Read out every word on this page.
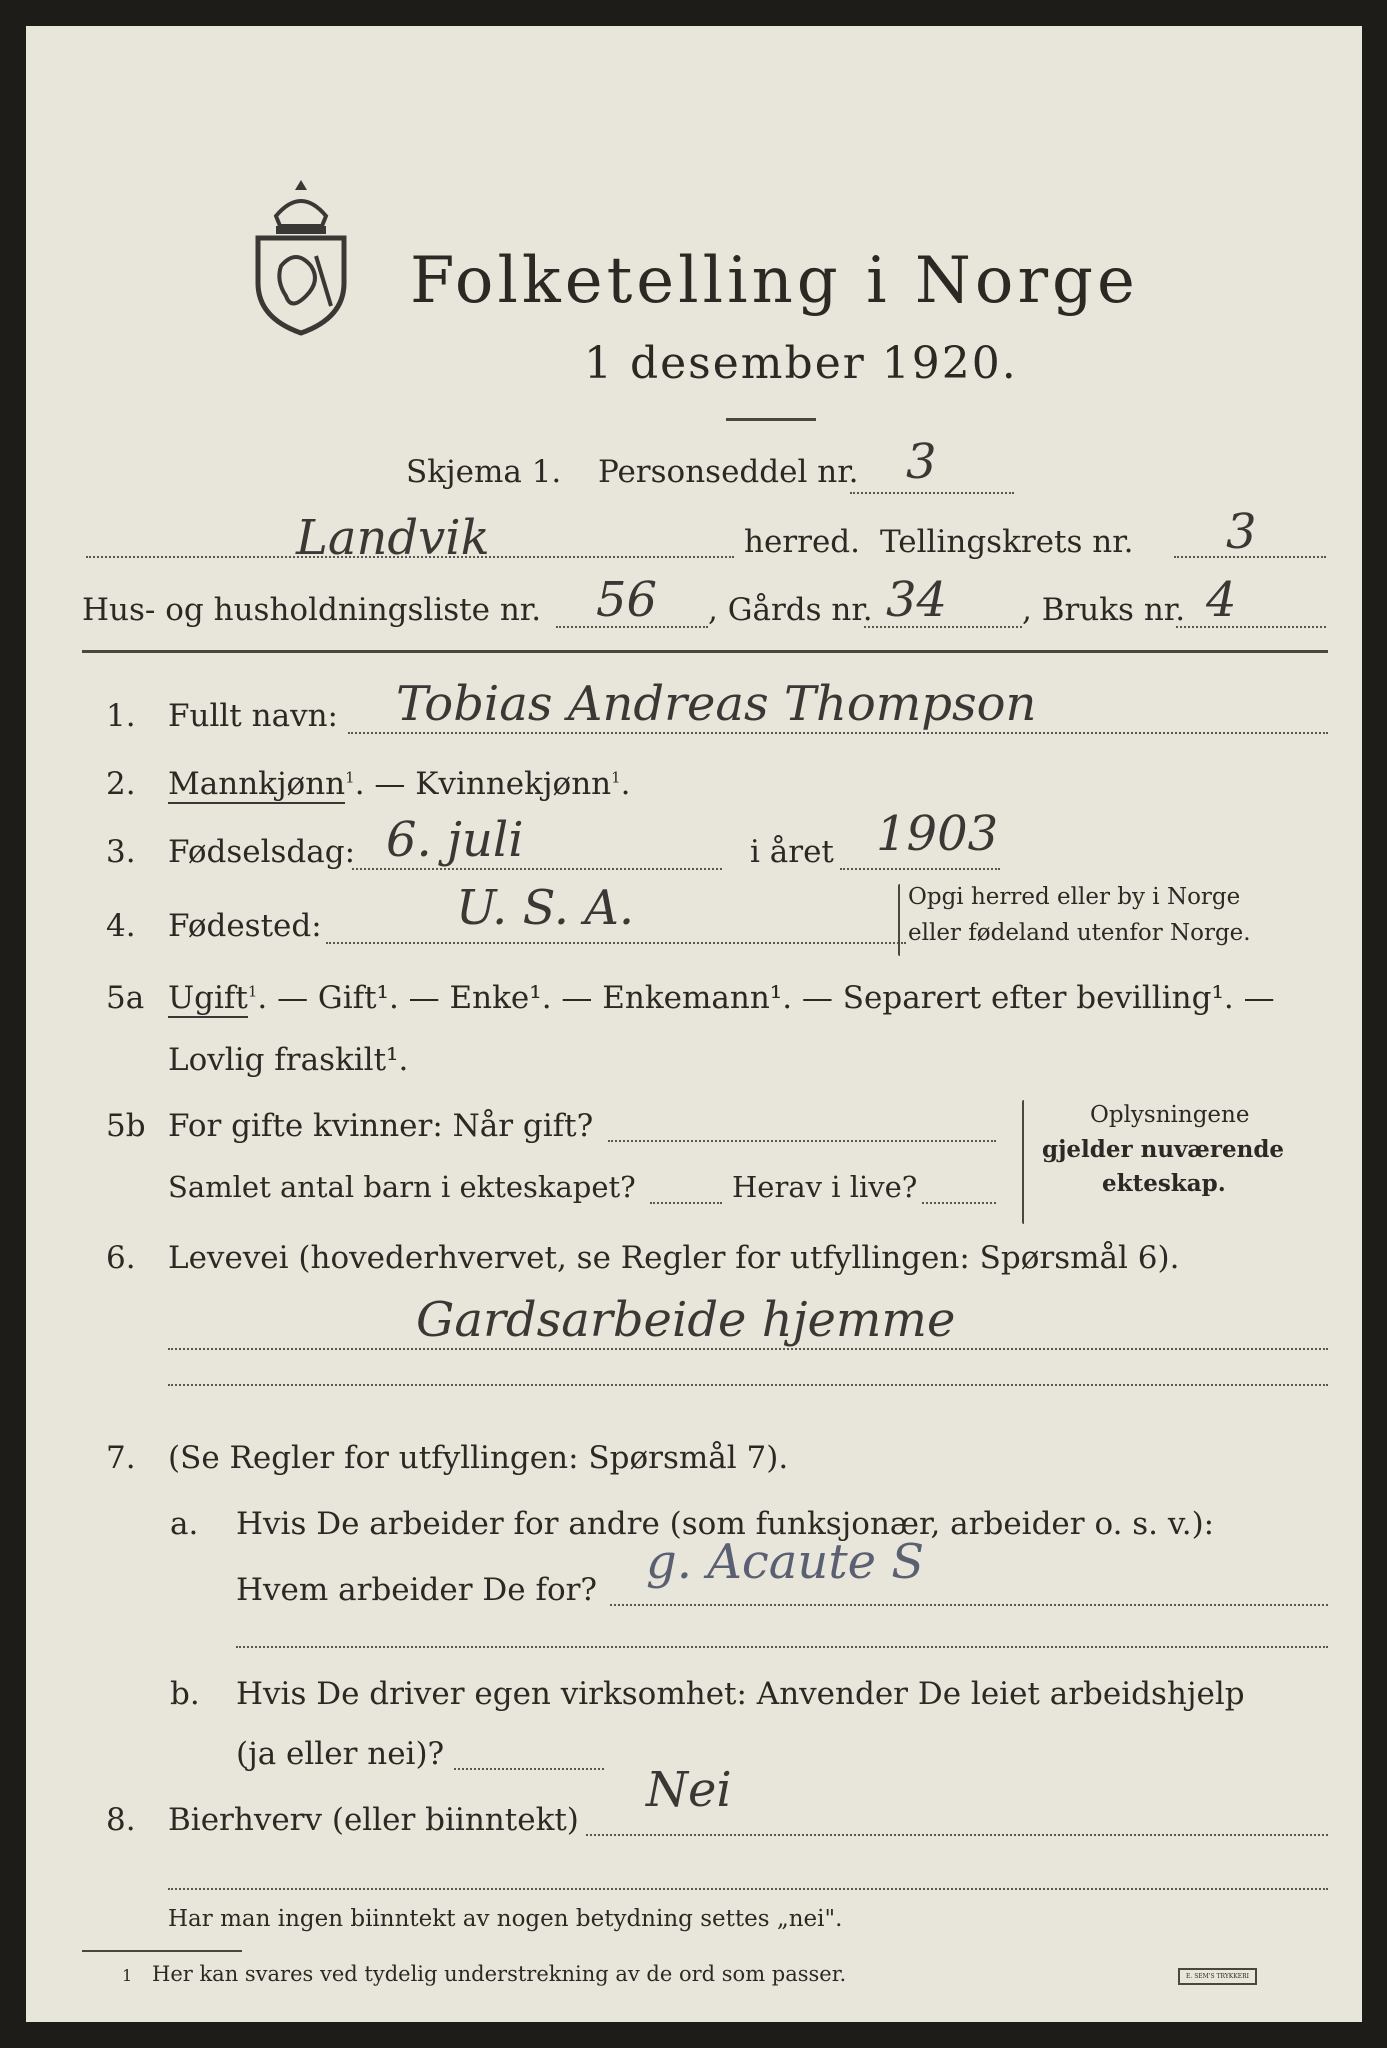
Folketelling i Norge
1 desember 1920.
Skjema 1. Personseddel nr. 3
Landvik	herred. Tellingskrets nr. 3
Hus- og husholdningsliste nr. 56 , Gårds nr. 34 , Bruks nr. 4
1. Fullt navn: Tobias Andreas Thompson
2. Mannkjønn$^1$. — Kvinnekjønn$^1$.
3. Fødselsdag: 6. juli	i året 1903
4. Fødested:	U. S. A.	Opgi herred eller by i Norge
eller fødeland utenfor Norge.
5a Ugift$^1$. — Gift¹. — Enke¹. — Enkemann¹. — Separert efter bevilling¹. —
Lovlig fraskilt¹.
5b For gifte kvinner: Når gift?
Samlet antal barn i ekteskapet?	Herav i live?
Oplysningene
gjelder nuværende
ekteskap.
6. Levevei (hovederhvervet, se Regler for utfyllingen: Spørsmål 6).
Gardsarbeide hjemme
7. (Se Regler for utfyllingen: Spørsmål 7).
a. Hvis De arbeider for andre (som funksjonær, arbeider o. s. v.):
Hvem arbeider De for? g. Acaute S
b. Hvis De driver egen virksomhet: Anvender De leiet arbeidshjelp
(ja eller nei)?
8. Bierhverv (eller biinntekt)
Nei
Har man ingen biinntekt av nogen betydning settes „nei".
1 Her kan svares ved tydelig understrekning av de ord som passer.	E. SEM'S TRYKKERI
